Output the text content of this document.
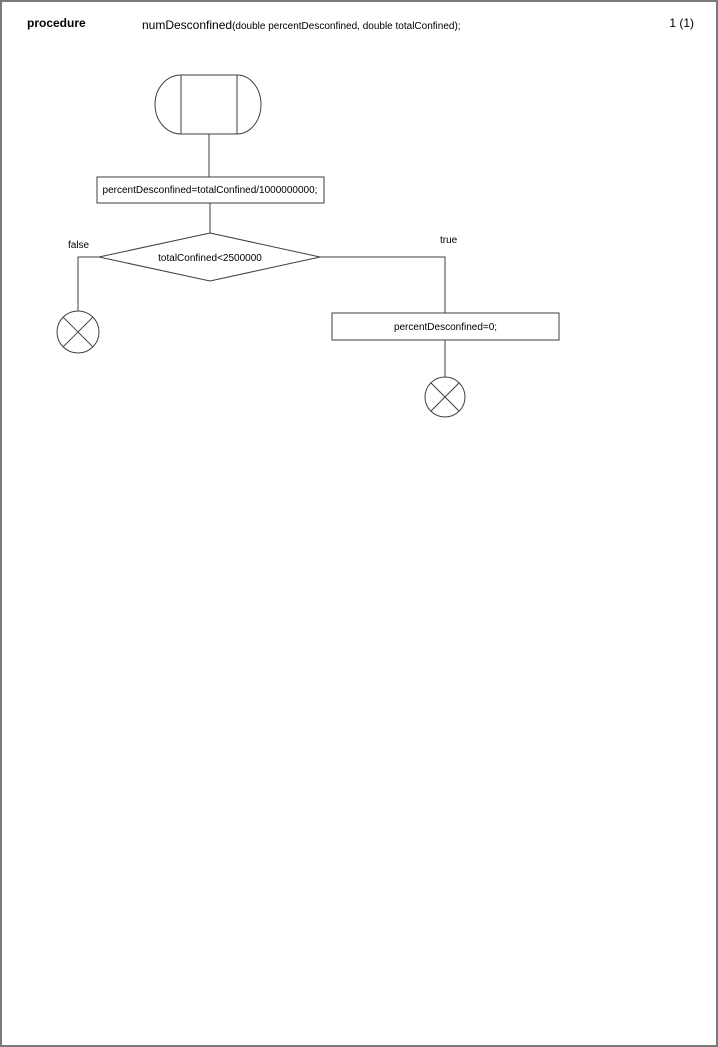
procedure	numDesconfined(double percentDesconfined, double totalConfined);	1 (1)
percentDesconfined=totalConfined/1000000000;
totalConfined<2500000
false	true
percentDesconfined=0;
